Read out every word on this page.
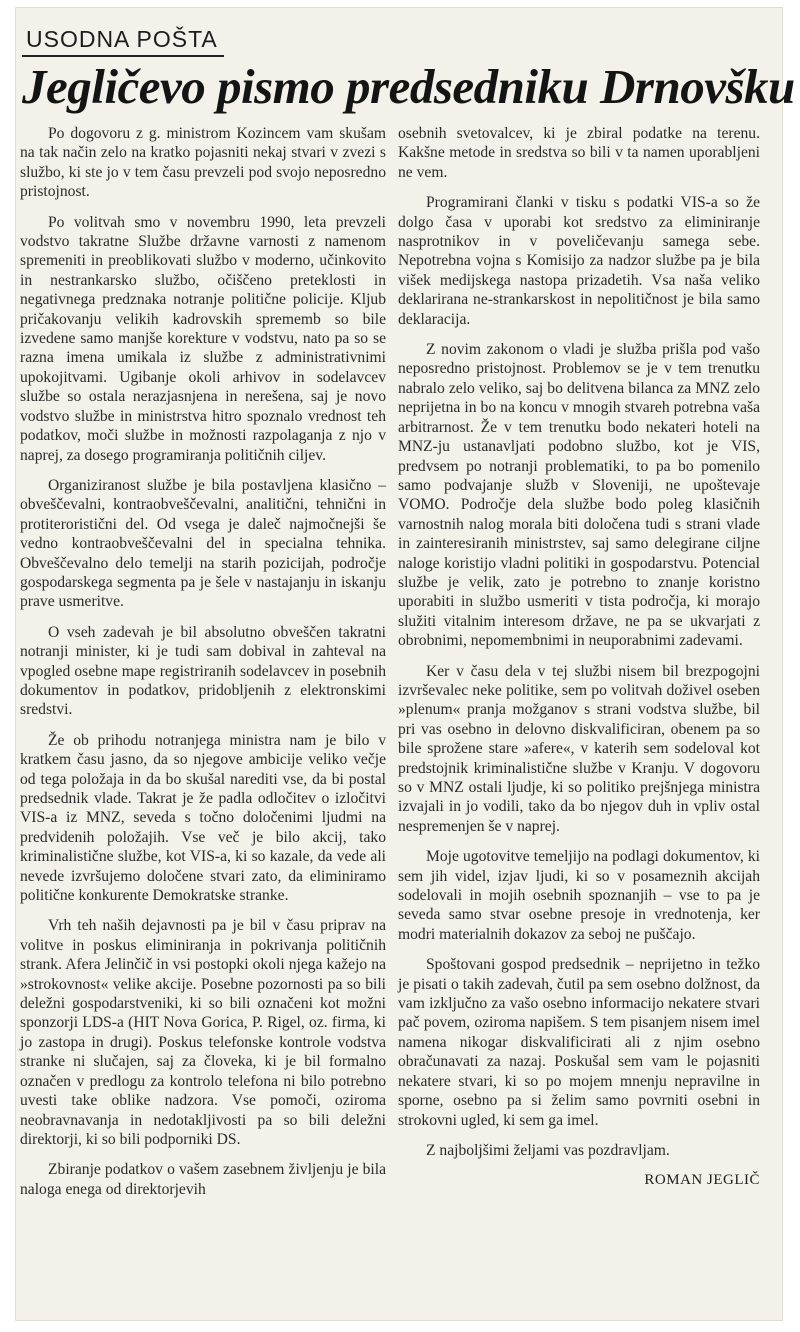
USODNA POŠTA
Jegličevo pismo predsedniku Drnovšku

Po dogovoru z g. ministrom Kozincem vam skušam na tak način zelo na kratko pojasniti nekaj stvari v zvezi s službo, ki ste jo v tem času prevzeli pod svojo neposredno pristojnost.

Po volitvah smo v novembru 1990, leta prevzeli vodstvo takratne Službe državne varnosti z namenom spremeniti in preoblikovati službo v moderno, učinkovito in nestrankarsko službo, očiščeno preteklosti in negativnega predznaka notranje politične policije. Kljub pričakovanju velikih kadrovskih sprememb so bile izvedene samo manjše korekture v vodstvu, nato pa so se razna imena umikala iz službe z administrativnimi upokojitvami. Ugibanje okoli arhivov in sodelavcev službe so ostala nerazjasnjena in nerešena, saj je novo vodstvo službe in ministrstva hitro spoznalo vrednost teh podatkov, moči službe in možnosti razpolaganja z njo v naprej, za dosego programiranja političnih ciljev.

Organiziranost službe je bila postavljena klasično – obveščevalni, kontraobveščevalni, analitični, tehnični in protiteroristični del. Od vsega je daleč najmočnejši še vedno kontraobveščevalni del in specialna tehnika. Obveščevalno delo temelji na starih pozicijah, področje gospodarskega segmenta pa je šele v nastajanju in iskanju prave usmeritve.

O vseh zadevah je bil absolutno obveščen takratni notranji minister, ki je tudi sam dobival in zahteval na vpogled osebne mape registriranih sodelavcev in posebnih dokumentov in podatkov, pridobljenih z elektronskimi sredstvi.

Že ob prihodu notranjega ministra nam je bilo v kratkem času jasno, da so njegove ambicije veliko večje od tega položaja in da bo skušal narediti vse, da bi postal predsednik vlade. Takrat je že padla odločitev o izločitvi VIS-a iz MNZ, seveda s točno določenimi ljudmi na predvidenih položajih. Vse več je bilo akcij, tako kriminalistične službe, kot VIS-a, ki so kazale, da vede ali nevede izvršujemo določene stvari zato, da eliminiramo politične konkurente Demokratske stranke.

Vrh teh naših dejavnosti pa je bil v času priprav na volitve in poskus eliminiranja in pokrivanja političnih strank. Afera Jelinčič in vsi postopki okoli njega kažejo na »strokovnost« velike akcije. Posebne pozornosti pa so bili deležni gospodarstveniki, ki so bili označeni kot možni sponzorji LDS-a (HIT Nova Gorica, P. Rigel, oz. firma, ki jo zastopa in drugi). Poskus telefonske kontrole vodstva stranke ni slučajen, saj za človeka, ki je bil formalno označen v predlogu za kontrolo telefona ni bilo potrebno uvesti take oblike nadzora. Vse pomoči, oziroma neobravnavanja in nedotakljivosti pa so bili deležni direktorji, ki so bili podporniki DS.

Zbiranje podatkov o vašem zasebnem življenju je bila naloga enega od direktorjevih

osebnih svetovalcev, ki je zbiral podatke na terenu. Kakšne metode in sredstva so bili v ta namen uporabljeni ne vem.

Programirani članki v tisku s podatki VIS-a so že dolgo časa v uporabi kot sredstvo za eliminiranje nasprotnikov in v poveličevanju samega sebe. Nepotrebna vojna s Komisijo za nadzor službe pa je bila višek medijskega nastopa prizadetih. Vsa naša veliko deklarirana ne-strankarskost in nepolitičnost je bila samo deklaracija.

Z novim zakonom o vladi je služba prišla pod vašo neposredno pristojnost. Problemov se je v tem trenutku nabralo zelo veliko, saj bo delitvena bilanca za MNZ zelo neprijetna in bo na koncu v mnogih stvareh potrebna vaša arbitrarnost. Že v tem trenutku bodo nekateri hoteli na MNZ-ju ustanavljati podobno službo, kot je VIS, predvsem po notranji problematiki, to pa bo pomenilo samo podvajanje služb v Sloveniji, ne upoštevaje VOMO. Področje dela službe bodo poleg klasičnih varnostnih nalog morala biti določena tudi s strani vlade in zainteresiranih ministrstev, saj samo delegirane ciljne naloge koristijo vladni politiki in gospodarstvu. Potencial službe je velik, zato je potrebno to znanje koristno uporabiti in službo usmeriti v tista področja, ki morajo služiti vitalnim interesom države, ne pa se ukvarjati z obrobnimi, nepomembnimi in neuporabnimi zadevami.

Ker v času dela v tej službi nisem bil brezpogojni izvrševalec neke politike, sem po volitvah doživel oseben »plenum« pranja možganov s strani vodstva službe, bil pri vas osebno in delovno diskvalificiran, obenem pa so bile sprožene stare »afere«, v katerih sem sodeloval kot predstojnik kriminalistične službe v Kranju. V dogovoru so v MNZ ostali ljudje, ki so politiko prejšnjega ministra izvajali in jo vodili, tako da bo njegov duh in vpliv ostal nespremenjen še v naprej.

Moje ugotovitve temeljijo na podlagi dokumentov, ki sem jih videl, izjav ljudi, ki so v posameznih akcijah sodelovali in mojih osebnih spoznanjih – vse to pa je seveda samo stvar osebne presoje in vrednotenja, ker modri materialnih dokazov za seboj ne puščajo.

Spoštovani gospod predsednik – neprijetno in težko je pisati o takih zadevah, čutil pa sem osebno dolžnost, da vam izključno za vašo osebno informacijo nekatere stvari pač povem, oziroma napišem. S tem pisanjem nisem imel namena nikogar diskvalificirati ali z njim osebno obračunavati za nazaj. Poskušal sem vam le pojasniti nekatere stvari, ki so po mojem mnenju nepravilne in sporne, osebno pa si želim samo povrniti osebni in strokovni ugled, ki sem ga imel.

Z najboljšimi željami vas pozdravljam.

ROMAN JEGLIČ
